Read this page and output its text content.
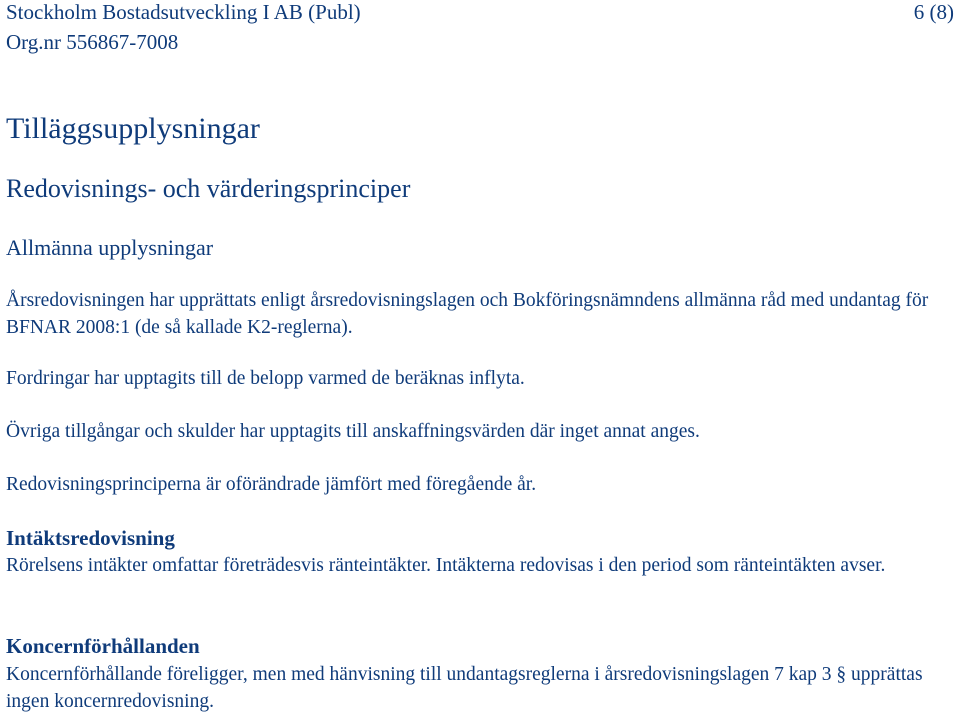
Stockholm Bostadsutveckling I AB (Publ)	6 (8)
Org.nr 556867-7008
Tilläggsupplysningar
Redovisnings- och värderingsprinciper
Allmänna upplysningar

Årsredovisningen har upprättats enligt årsredovisningslagen och Bokföringsnämndens allmänna råd med undantag för BFNAR 2008:1 (de så kallade K2-reglerna).

Fordringar har upptagits till de belopp varmed de beräknas inflyta.

Övriga tillgångar och skulder har upptagits till anskaffningsvärden där inget annat anges.

Redovisningsprinciperna är oförändrade jämfört med föregående år.

Intäktsredovisning

Rörelsens intäkter omfattar företrädesvis ränteintäkter. Intäkterna redovisas i den period som ränteintäkten avser.

Koncernförhållanden

Koncernförhållande föreligger, men med hänvisning till undantagsreglerna i årsredovisningslagen 7 kap 3 § upprättas ingen koncernredovisning.
